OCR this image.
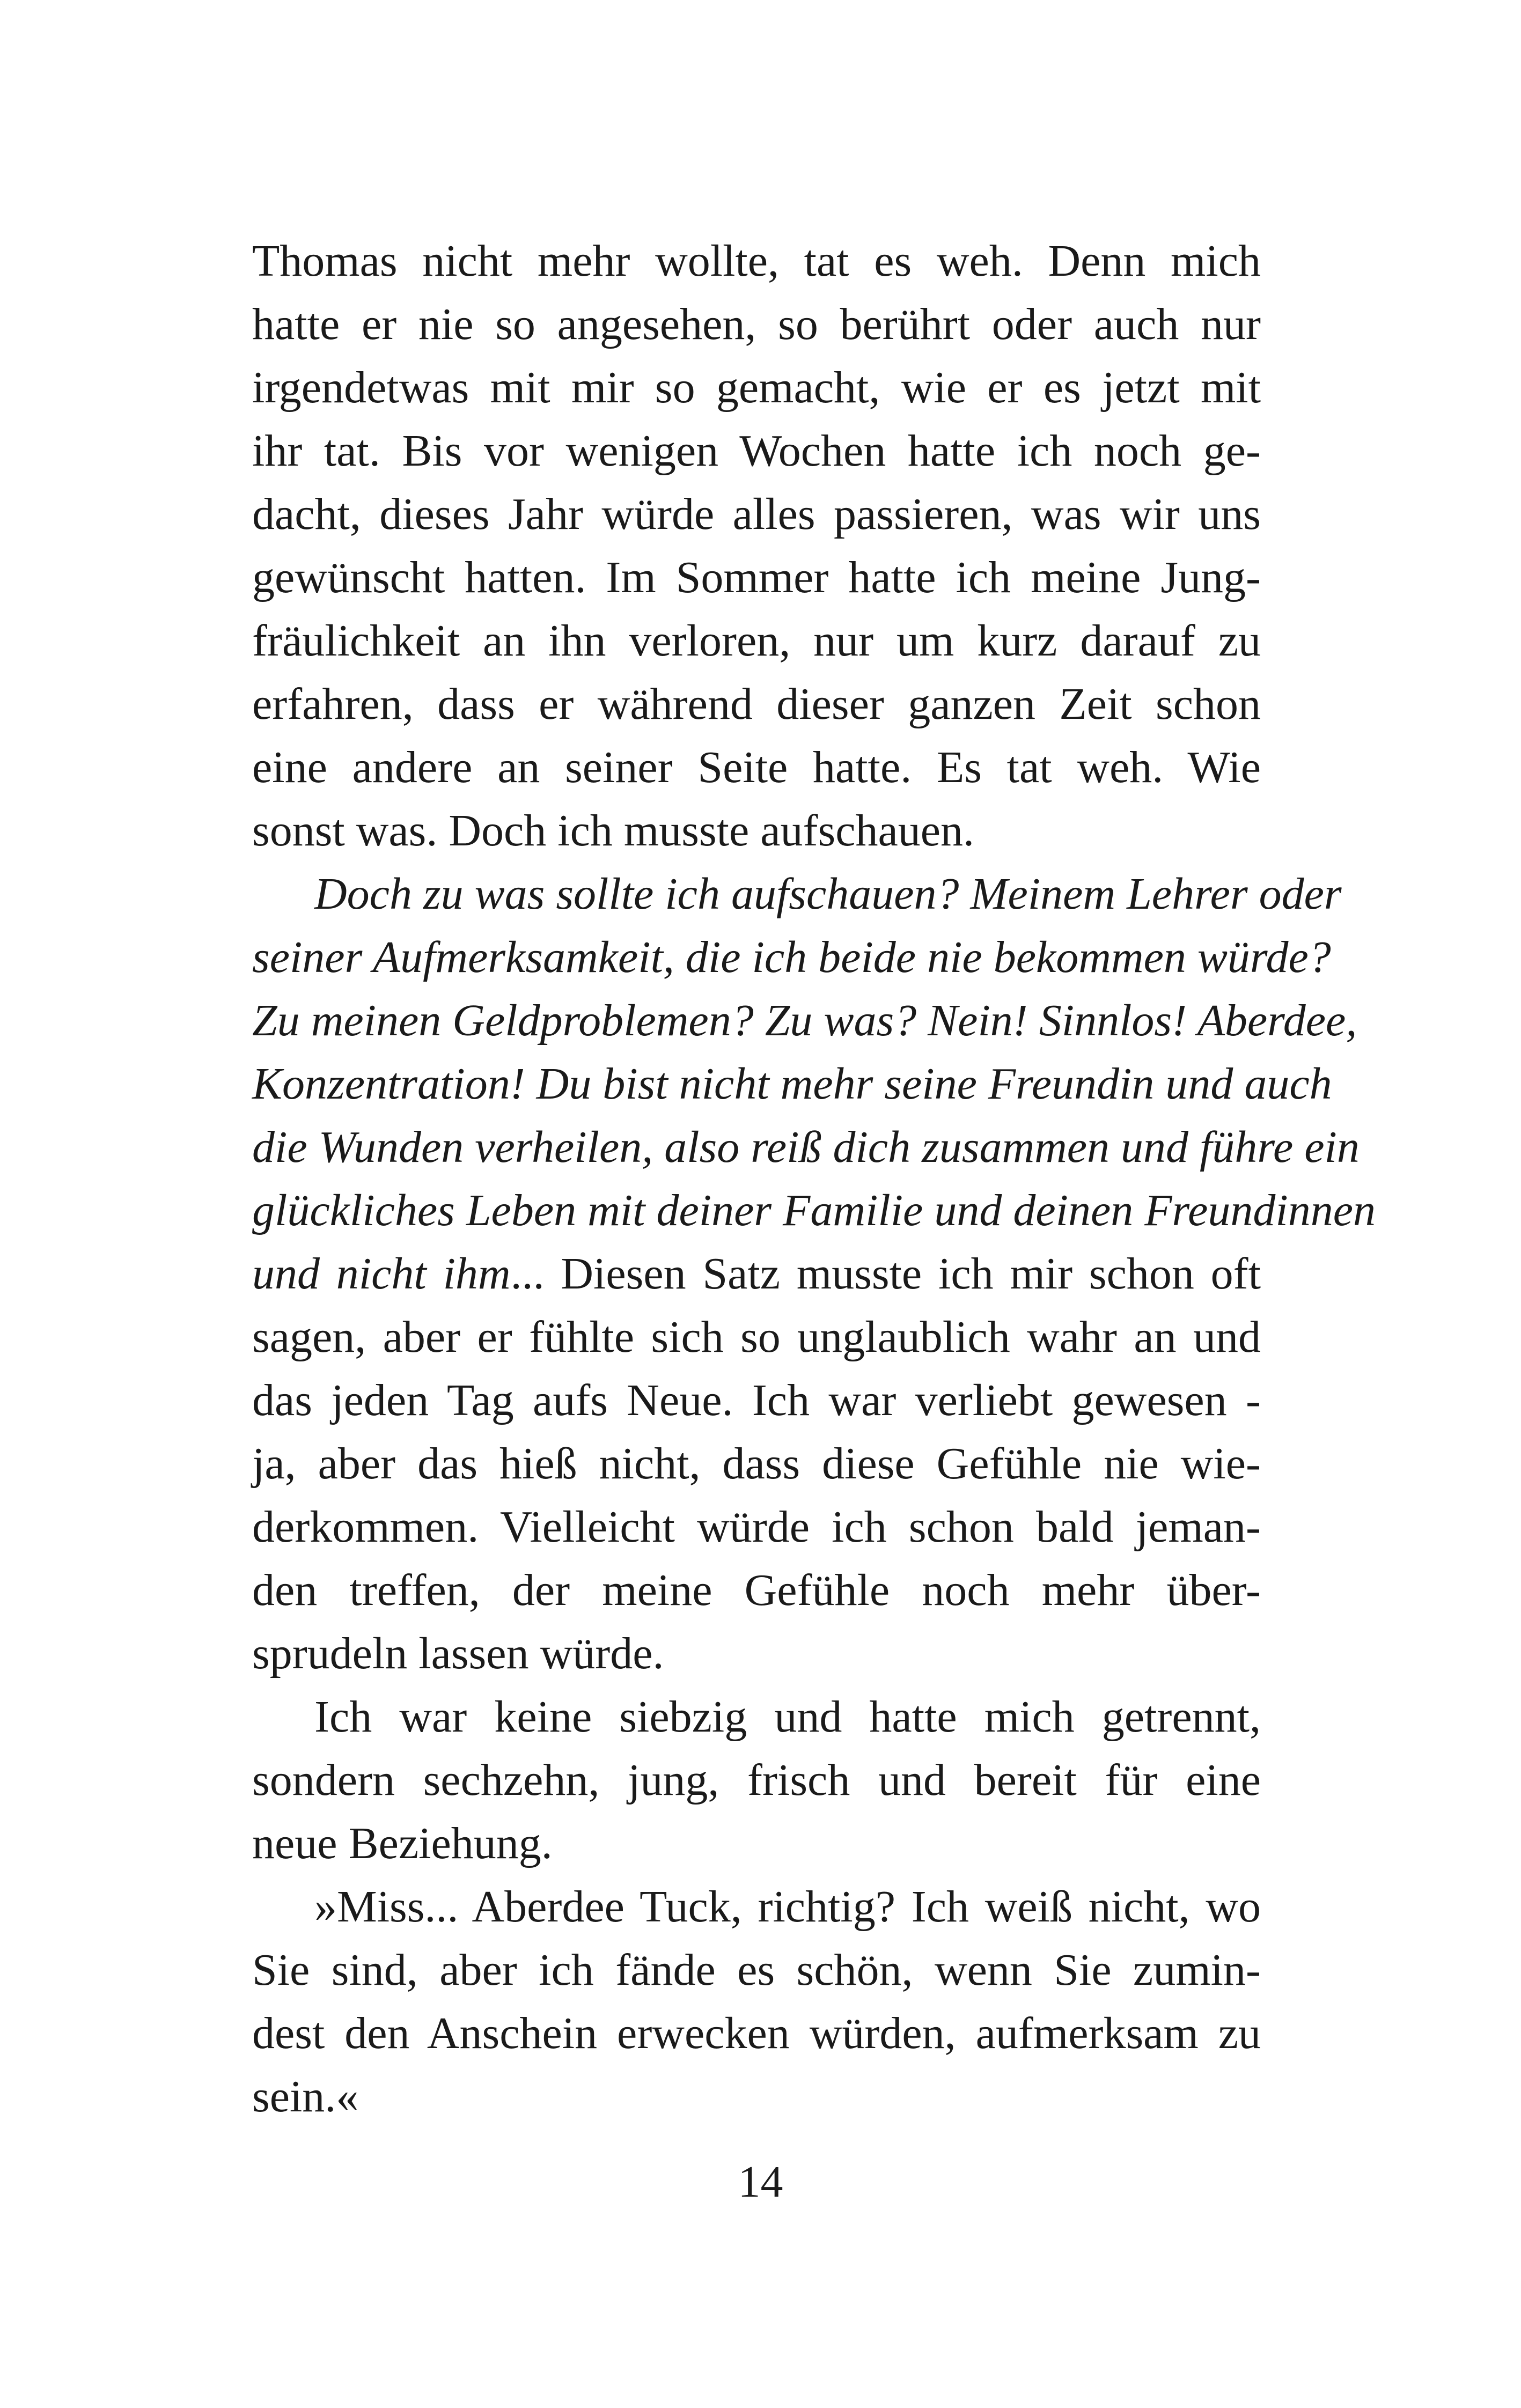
Thomas nicht mehr wollte, tat es weh. Denn mich
hatte er nie so angesehen, so berührt oder auch nur
irgendetwas mit mir so gemacht, wie er es jetzt mit
ihr tat. Bis vor wenigen Wochen hatte ich noch ge-
dacht, dieses Jahr würde alles passieren, was wir uns
gewünscht hatten. Im Sommer hatte ich meine Jung-
fräulichkeit an ihn verloren, nur um kurz darauf zu
erfahren, dass er während dieser ganzen Zeit schon
eine andere an seiner Seite hatte. Es tat weh. Wie
sonst was. Doch ich musste aufschauen.
Doch zu was sollte ich aufschauen? Meinem Lehrer oder
seiner Aufmerksamkeit, die ich beide nie bekommen würde?
Zu meinen Geldproblemen? Zu was? Nein! Sinnlos! Aberdee,
Konzentration! Du bist nicht mehr seine Freundin und auch
die Wunden verheilen, also reiß dich zusammen und führe ein
glückliches Leben mit deiner Familie und deinen Freundinnen
und nicht ihm... Diesen Satz musste ich mir schon oft
sagen, aber er fühlte sich so unglaublich wahr an und
das jeden Tag aufs Neue. Ich war verliebt gewesen -
ja, aber das hieß nicht, dass diese Gefühle nie wie-
derkommen. Vielleicht würde ich schon bald jeman-
den treffen, der meine Gefühle noch mehr über-
sprudeln lassen würde.
Ich war keine siebzig und hatte mich getrennt,
sondern sechzehn, jung, frisch und bereit für eine
neue Beziehung.
»Miss... Aberdee Tuck, richtig? Ich weiß nicht, wo
Sie sind, aber ich fände es schön, wenn Sie zumin-
dest den Anschein erwecken würden, aufmerksam zu
sein.«
14
